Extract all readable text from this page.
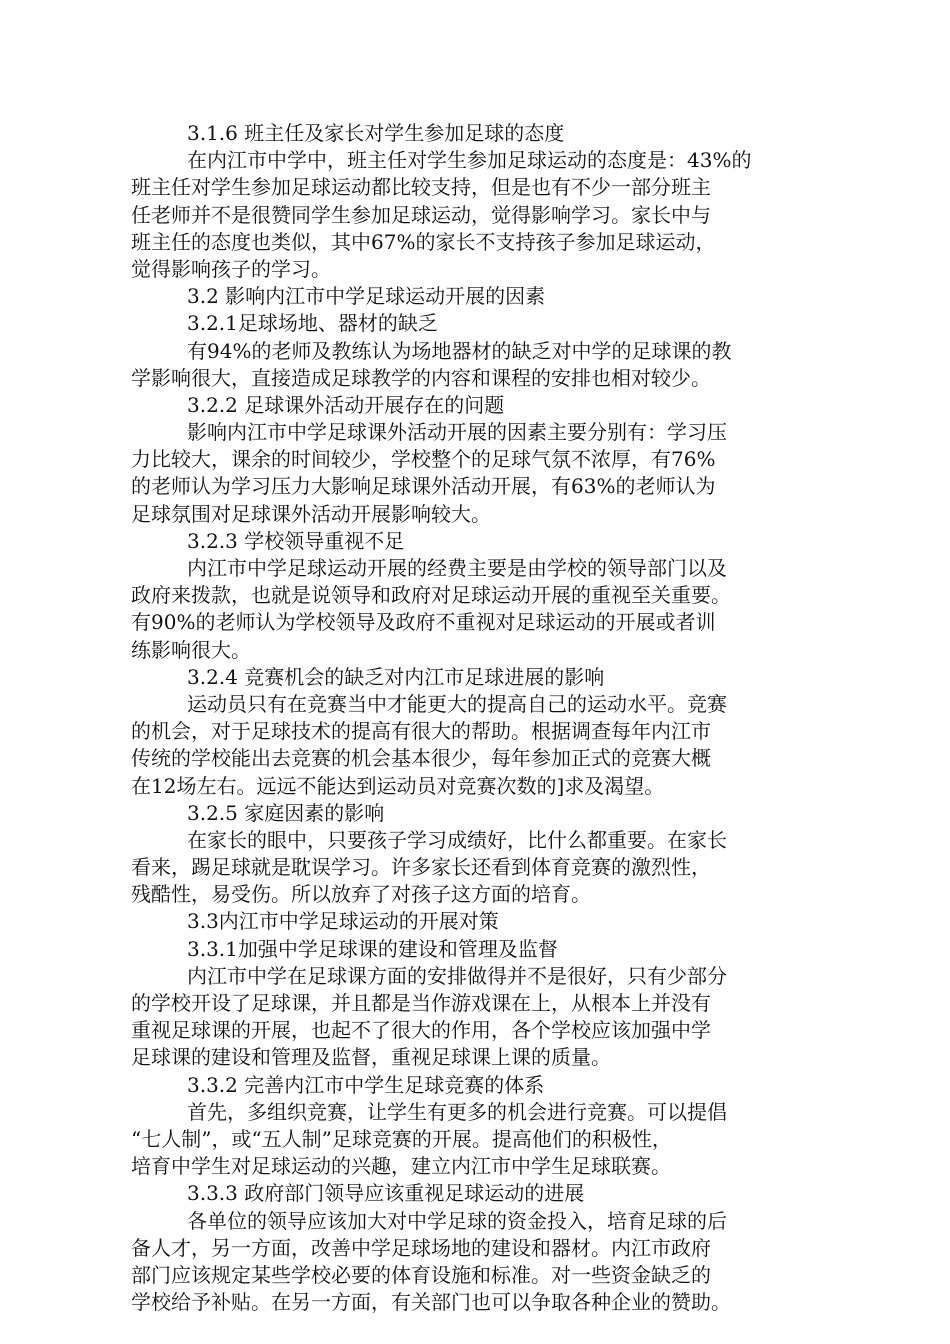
3.1.6 班主任及家长对学生参加足球的态度
在内江市中学中，班主任对学生参加足球运动的态度是：43%的
班主任对学生参加足球运动都比较支持，但是也有不少一部分班主
任老师并不是很赞同学生参加足球运动，觉得影响学习。家长中与
班主任的态度也类似，其中67%的家长不支持孩子参加足球运动，
觉得影响孩子的学习。
3.2 影响内江市中学足球运动开展的因素
3.2.1足球场地、器材的缺乏
有94%的老师及教练认为场地器材的缺乏对中学的足球课的教
学影响很大，直接造成足球教学的内容和课程的安排也相对较少。
3.2.2 足球课外活动开展存在的问题
影响内江市中学足球课外活动开展的因素主要分别有：学习压
力比较大，课余的时间较少，学校整个的足球气氛不浓厚，有76%
的老师认为学习压力大影响足球课外活动开展，有63%的老师认为
足球氛围对足球课外活动开展影响较大。
3.2.3 学校领导重视不足
内江市中学足球运动开展的经费主要是由学校的领导部门以及
政府来拨款，也就是说领导和政府对足球运动开展的重视至关重要。
有90%的老师认为学校领导及政府不重视对足球运动的开展或者训
练影响很大。
3.2.4 竞赛机会的缺乏对内江市足球进展的影响
运动员只有在竞赛当中才能更大的提高自己的运动水平。竞赛
的机会，对于足球技术的提高有很大的帮助。根据调查每年内江市
传统的学校能出去竞赛的机会基本很少，每年参加正式的竞赛大概
在12场左右。远远不能达到运动员对竞赛次数的]求及渴望。
3.2.5 家庭因素的影响
在家长的眼中，只要孩子学习成绩好，比什么都重要。在家长
看来，踢足球就是耽误学习。许多家长还看到体育竞赛的激烈性，
残酷性，易受伤。所以放弃了对孩子这方面的培育。
3.3内江市中学足球运动的开展对策
3.3.1加强中学足球课的建设和管理及监督
内江市中学在足球课方面的安排做得并不是很好，只有少部分
的学校开设了足球课，并且都是当作游戏课在上，从根本上并没有
重视足球课的开展，也起不了很大的作用，各个学校应该加强中学
足球课的建设和管理及监督，重视足球课上课的质量。
3.3.2 完善内江市中学生足球竞赛的体系
首先，多组织竞赛，让学生有更多的机会进行竞赛。可以提倡
“七人制”，或“五人制”足球竞赛的开展。提高他们的积极性，
培育中学生对足球运动的兴趣，建立内江市中学生足球联赛。
3.3.3 政府部门领导应该重视足球运动的进展
各单位的领导应该加大对中学足球的资金投入，培育足球的后
备人才，另一方面，改善中学足球场地的建设和器材。内江市政府
部门应该规定某些学校必要的体育设施和标准。对一些资金缺乏的
学校给予补贴。在另一方面，有关部门也可以争取各种企业的赞助。
